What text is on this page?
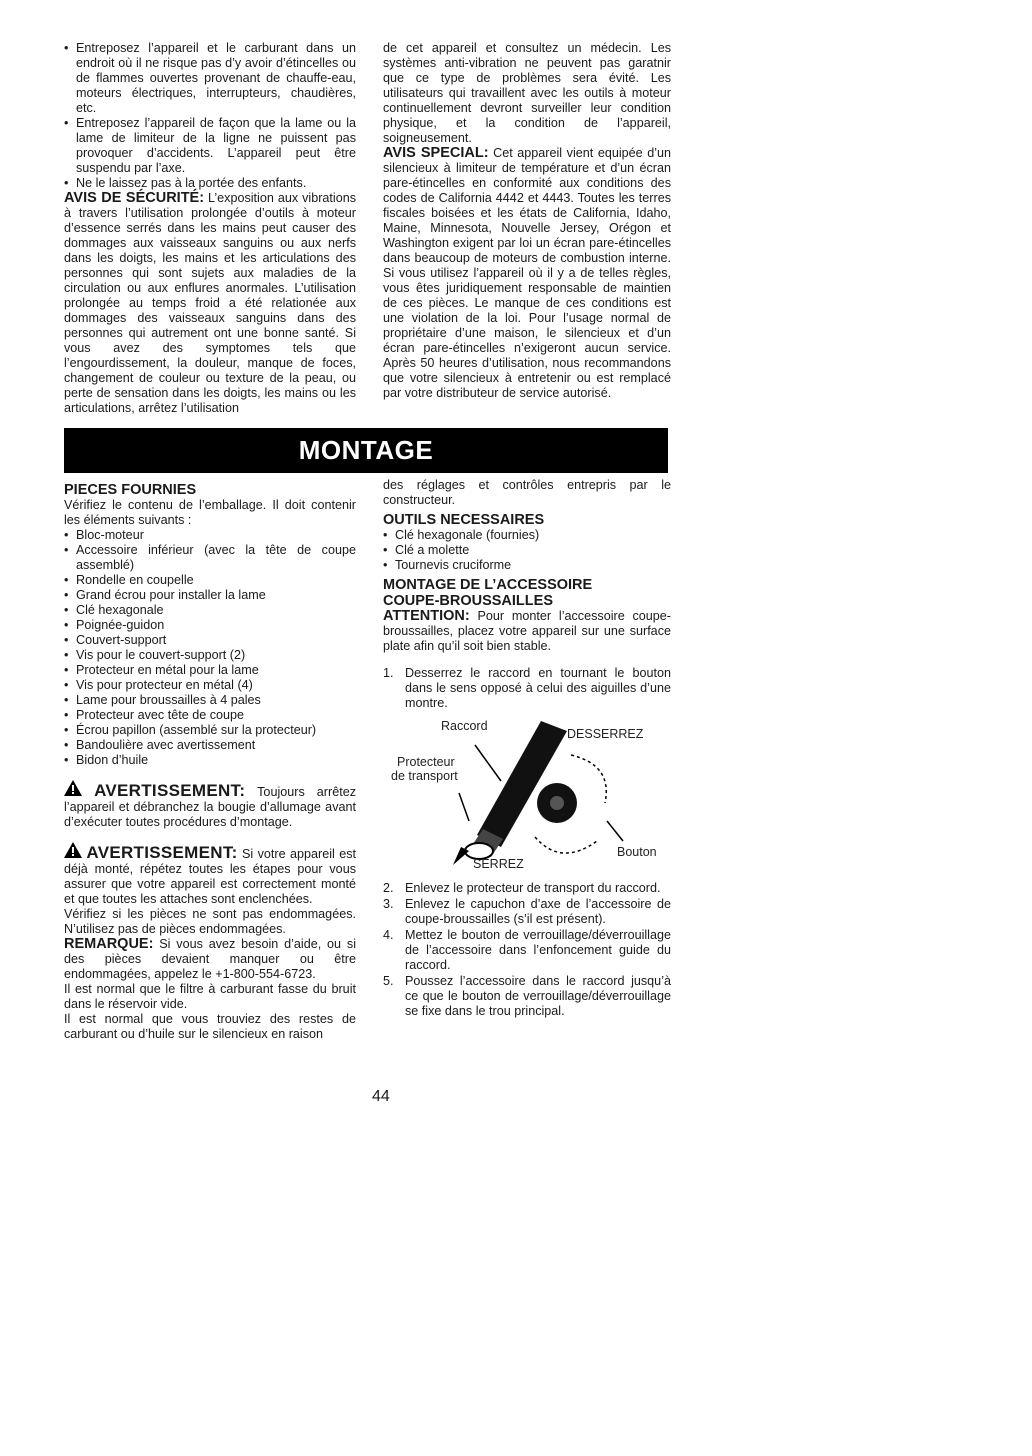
• Entreposez l’appareil et le carburant dans un endroit où il ne risque pas d’y avoir d’étincelles ou de flammes ouvertes provenant de chauffe-eau, moteurs électriques, interrupteurs, chaudières, etc.
• Entreposez l’appareil de façon que la lame ou la lame de limiteur de la ligne ne puissent pas provoquer d’accidents. L’appareil peut être suspendu par l’axe.
• Ne le laissez pas à la portée des enfants.

AVIS DE SÉCURITÉ: L’exposition aux vibrations à travers l’utilisation prolongée d’outils à moteur d’essence serrés dans les mains peut causer des dommages aux vaisseaux sanguins ou aux nerfs dans les doigts, les mains et les articulations des personnes qui sont sujets aux maladies de la circulation ou aux enflures anormales. L’utilisation prolongée au temps froid a été relationée aux dommages des vaisseaux sanguins dans des personnes qui autrement ont une bonne santé. Si vous avez des symptomes tels que l’engourdissement, la douleur, manque de foces, changement de couleur ou texture de la peau, ou perte de sensation dans les doigts, les mains ou les articulations, arrêtez l’utilisation

de cet appareil et consultez un médecin. Les systèmes anti-vibration ne peuvent pas garatnir que ce type de problèmes sera évité. Les utilisateurs qui travaillent avec les outils à moteur continuellement devront surveiller leur condition physique, et la condition de l’appareil, soigneusement.

AVIS SPECIAL: Cet appareil vient equipée d’un silencieux à limiteur de température et d’un écran pare-étincelles en conformité aux conditions des codes de California 4442 et 4443. Toutes les terres fiscales boisées et les états de California, Idaho, Maine, Minnesota, Nouvelle Jersey, Orégon et Washington exigent par loi un écran pare-étincelles dans beaucoup de moteurs de combustion interne. Si vous utilisez l’appareil où il y a de telles règles, vous êtes juridiquement responsable de maintien de ces pièces. Le manque de ces conditions est une violation de la loi. Pour l’usage normal de propriétaire d’une maison, le silencieux et d’un écran pare-étincelles n’exigeront aucun service. Après 50 heures d’utilisation, nous recommandons que votre silencieux à entretenir ou est remplacé par votre distributeur de service autorisé.

MONTAGE
PIECES FOURNIES

Vérifiez le contenu de l’emballage. Il doit contenir les éléments suivants :

• Bloc-moteur
• Accessoire inférieur (avec la tête de coupe assemblé)
• Rondelle en coupelle
• Grand écrou pour installer la lame
• Clé hexagonale
• Poignée-guidon
• Couvert-support
• Vis pour le couvert-support (2)
• Protecteur en métal pour la lame
• Vis pour protecteur en métal (4)
• Lame pour broussailles à 4 pales
• Protecteur avec tête de coupe
• Écrou papillon (assemblé sur la protecteur)
• Bandoulière avec avertissement
• Bidon d’huile

AVERTISSEMENT: Toujours arrêtez l’appareil et débranchez la bougie d’allumage avant d’exécuter toutes procédures d’montage.

AVERTISSEMENT: Si votre appareil est déjà monté, répétez toutes les étapes pour vous assurer que votre appareil est correctement monté et que toutes les attaches sont enclenchées.

Vérifiez si les pièces ne sont pas endommagées. N’utilisez pas de pièces endommagées.

REMARQUE: Si vous avez besoin d’aide, ou si des pièces devaient manquer ou être endommagées, appelez le +1-800-554-6723.

Il est normal que le filtre à carburant fasse du bruit dans le réservoir vide.

Il est normal que vous trouviez des restes de carburant ou d’huile sur le silencieux en raison

des réglages et contrôles entrepris par le constructeur.

OUTILS NECESSAIRES
• Clé hexagonale (fournies)
• Clé a molette
• Tournevis cruciforme
MONTAGE DE L’ACCESSOIRE
COUPE-BROUSSAILLES

ATTENTION: Pour monter l’accessoire coupe-broussailles, placez votre appareil sur une surface plate afin qu’il soit bien stable.

1. Desserrez le raccord en tournant le bouton dans le sens opposé à celui des aiguilles d’une montre.
Raccord
DESSERREZ
Protecteur
de transport
Bouton
SERREZ
2. Enlevez le protecteur de transport du raccord.
3. Enlevez le capuchon d’axe de l’accessoire de coupe-broussailles (s’il est présent).
4. Mettez le bouton de verrouillage/déverrouillage de l’accessoire dans l’enfoncement guide du raccord.
5. Poussez l’accessoire dans le raccord jusqu’à ce que le bouton de verrouillage/déverrouillage se fixe dans le trou principal.
44
